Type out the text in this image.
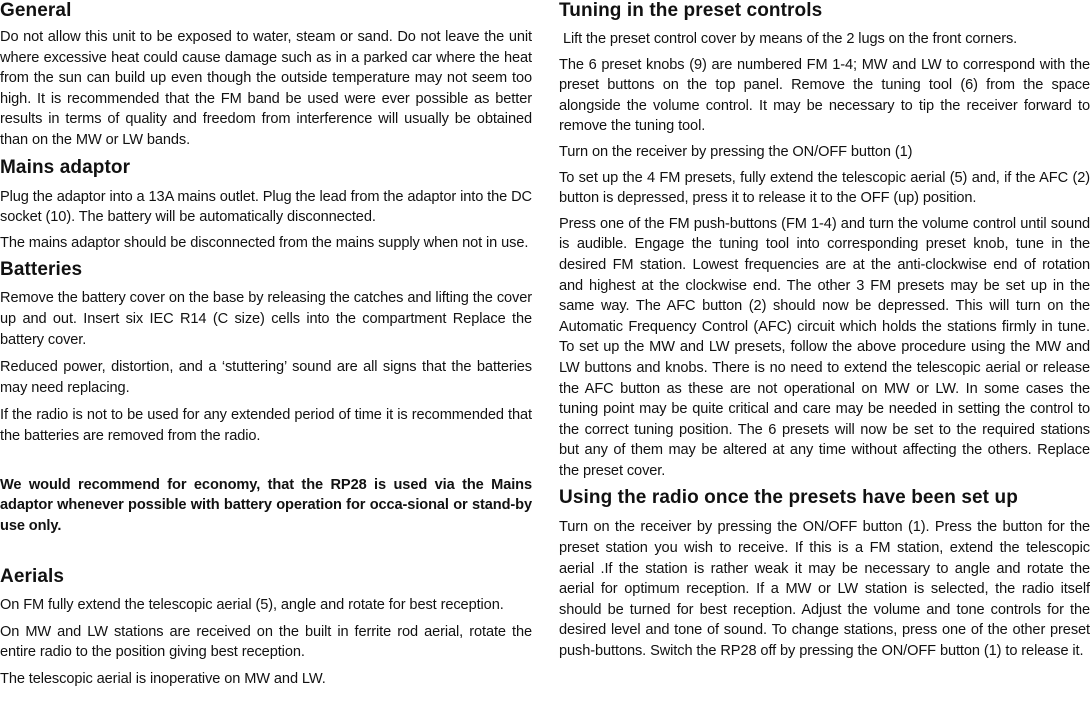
General

Do not allow this unit to be exposed to water, steam or sand. Do not leave the unit where excessive heat could cause damage such as in a parked car where the heat from the sun can build up even though the outside temperature may not seem too high. It is recommended that the FM band be used were ever possible as better results in terms of quality and freedom from interference will usually be obtained than on the MW or LW bands.

Mains adaptor

Plug the adaptor into a 13A mains outlet. Plug the lead from the adaptor into the DC socket (10). The battery will be automatically disconnected.

The mains adaptor should be disconnected from the mains supply when not in use.

Batteries

Remove the battery cover on the base by releasing the catches and lifting the cover up and out. Insert six IEC R14 (C size) cells into the compartment Replace the battery cover.

Reduced power, distortion, and a ‘stuttering’ sound are all signs that the batteries may need replacing.

If the radio is not to be used for any extended period of time it is recommended that the batteries are removed from the radio.

We would recommend for economy, that the RP28 is used via the Mains adaptor whenever possible with battery operation for occa-sional or stand-by use only.

Aerials

On FM fully extend the telescopic aerial (5), angle and rotate for best reception.

On MW and LW stations are received on the built in ferrite rod aerial, rotate the entire radio to the position giving best reception.

The telescopic aerial is inoperative on MW and LW.

Tuning in the preset controls

Lift the preset control cover by means of the 2 lugs on the front corners.

The 6 preset knobs (9) are numbered FM 1-4; MW and LW to correspond with the preset buttons on the top panel. Remove the tuning tool (6) from the space alongside the volume control. It may be necessary to tip the receiver forward to remove the tuning tool.

Turn on the receiver by pressing the ON/OFF button (1)

To set up the 4 FM presets, fully extend the telescopic aerial (5) and, if the AFC (2) button is depressed, press it to release it to the OFF (up) position.

Press one of the FM push-buttons (FM 1-4) and turn the volume control until sound is audible. Engage the tuning tool into corresponding preset knob, tune in the desired FM station. Lowest frequencies are at the anti-clockwise end of rotation and highest at the clockwise end. The other 3 FM presets may be set up in the same way. The AFC button (2) should now be depressed. This will turn on the Automatic Frequency Control (AFC) circuit which holds the stations firmly in tune. To set up the MW and LW presets, follow the above procedure using the MW and LW buttons and knobs. There is no need to extend the telescopic aerial or release the AFC button as these are not operational on MW or LW. In some cases the tuning point may be quite critical and care may be needed in setting the control to the correct tuning position. The 6 presets will now be set to the required stations but any of them may be altered at any time without affecting the others. Replace the preset cover.

Using the radio once the presets have been set up

Turn on the receiver by pressing the ON/OFF button (1). Press the button for the preset station you wish to receive. If this is a FM station, extend the telescopic aerial .If the station is rather weak it may be necessary to angle and rotate the aerial for optimum reception. If a MW or LW station is selected, the radio itself should be turned for best reception. Adjust the volume and tone controls for the desired level and tone of sound. To change stations, press one of the other preset push-buttons. Switch the RP28 off by pressing the ON/OFF button (1) to release it.
